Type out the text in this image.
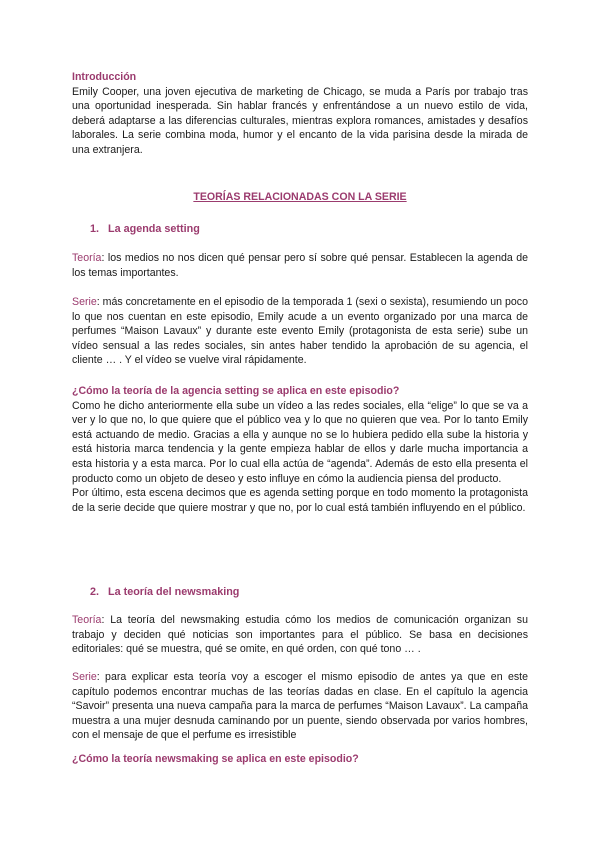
Introducción

Emily Cooper, una joven ejecutiva de marketing de Chicago, se muda a París por trabajo tras una oportunidad inesperada. Sin hablar francés y enfrentándose a un nuevo estilo de vida, deberá adaptarse a las diferencias culturales, mientras explora romances, amistades y desafíos laborales. La serie combina moda, humor y el encanto de la vida parisina desde la mirada de una extranjera.

TEORÍAS RELACIONADAS CON LA SERIE
1. La agenda setting

Teoría: los medios no nos dicen qué pensar pero sí sobre qué pensar. Establecen la agenda de los temas importantes.

Serie: más concretamente en el episodio de la temporada 1 (sexi o sexista), resumiendo un poco lo que nos cuentan en este episodio, Emily acude a un evento organizado por una marca de perfumes “Maison Lavaux” y durante este evento Emily (protagonista de esta serie) sube un vídeo sensual a las redes sociales, sin antes haber tendido la aprobación de su agencia, el cliente … . Y el vídeo se vuelve viral rápidamente.

¿Cómo la teoría de la agencia setting se aplica en este episodio?

Como he dicho anteriormente ella sube un vídeo a las redes sociales, ella “elige” lo que se va a ver y lo que no, lo que quiere que el público vea y lo que no quieren que vea. Por lo tanto Emily está actuando de medio. Gracias a ella y aunque no se lo hubiera pedido ella sube la historia y está historia marca tendencia y la gente empieza hablar de ellos y darle mucha importancia a esta historia y a esta marca. Por lo cual ella actúa de “agenda”. Además de esto ella presenta el producto como un objeto de deseo y esto influye en cómo la audiencia piensa del producto.

Por último, esta escena decimos que es agenda setting porque en todo momento la protagonista de la serie decide que quiere mostrar y que no, por lo cual está también influyendo en el público.

2. La teoría del newsmaking

Teoría: La teoría del newsmaking estudia cómo los medios de comunicación organizan su trabajo y deciden qué noticias son importantes para el público. Se basa en decisiones editoriales: qué se muestra, qué se omite, en qué orden, con qué tono … .

Serie: para explicar esta teoría voy a escoger el mismo episodio de antes ya que en este capítulo podemos encontrar muchas de las teorías dadas en clase. En el capítulo la agencia “Savoir” presenta una nueva campaña para la marca de perfumes “Maison Lavaux”. La campaña muestra a una mujer desnuda caminando por un puente, siendo observada por varios hombres, con el mensaje de que el perfume es irresistible

¿Cómo la teoría newsmaking se aplica en este episodio?
